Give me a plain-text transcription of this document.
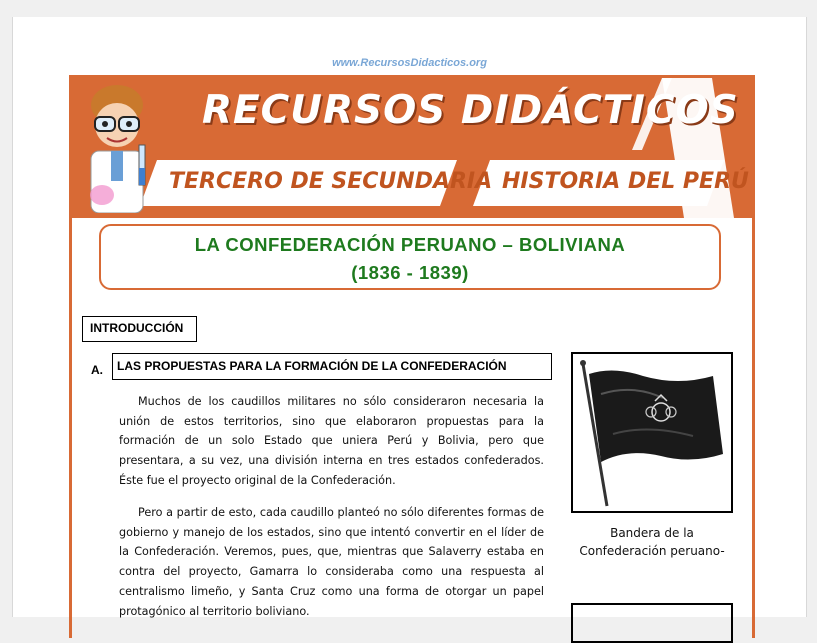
www.RecursosDidacticos.org
RECURSOS DIDÁCTICOS
TERCERO DE SECUNDARIA HISTORIA DEL PERÚ
LA CONFEDERACIÓN PERUANO – BOLIVIANA
(1836 - 1839)
INTRODUCCIÓN
A.	LAS PROPUESTAS PARA LA FORMACIÓN DE LA CONFEDERACIÓN
Muchos de los caudillos militares no sólo consideraron necesaria la unión de estos territorios, sino que elaboraron propuestas para la formación de un solo Estado que uniera Perú y Bolivia, pero que presentara, a su vez, una división interna en tres estados confederados. Éste fue el proyecto original de la Confederación.
Pero a partir de esto, cada caudillo planteó no sólo diferentes formas de gobierno y manejo de los estados, sino que intentó convertir en el líder de la Confederación. Veremos, pues, que, mientras que Salaverry estaba en contra del proyecto, Gamarra lo consideraba como una respuesta al centralismo limeño, y Santa Cruz como una forma de otorgar un papel protagónico al territorio boliviano.
Bandera de la
Confederación peruano-
